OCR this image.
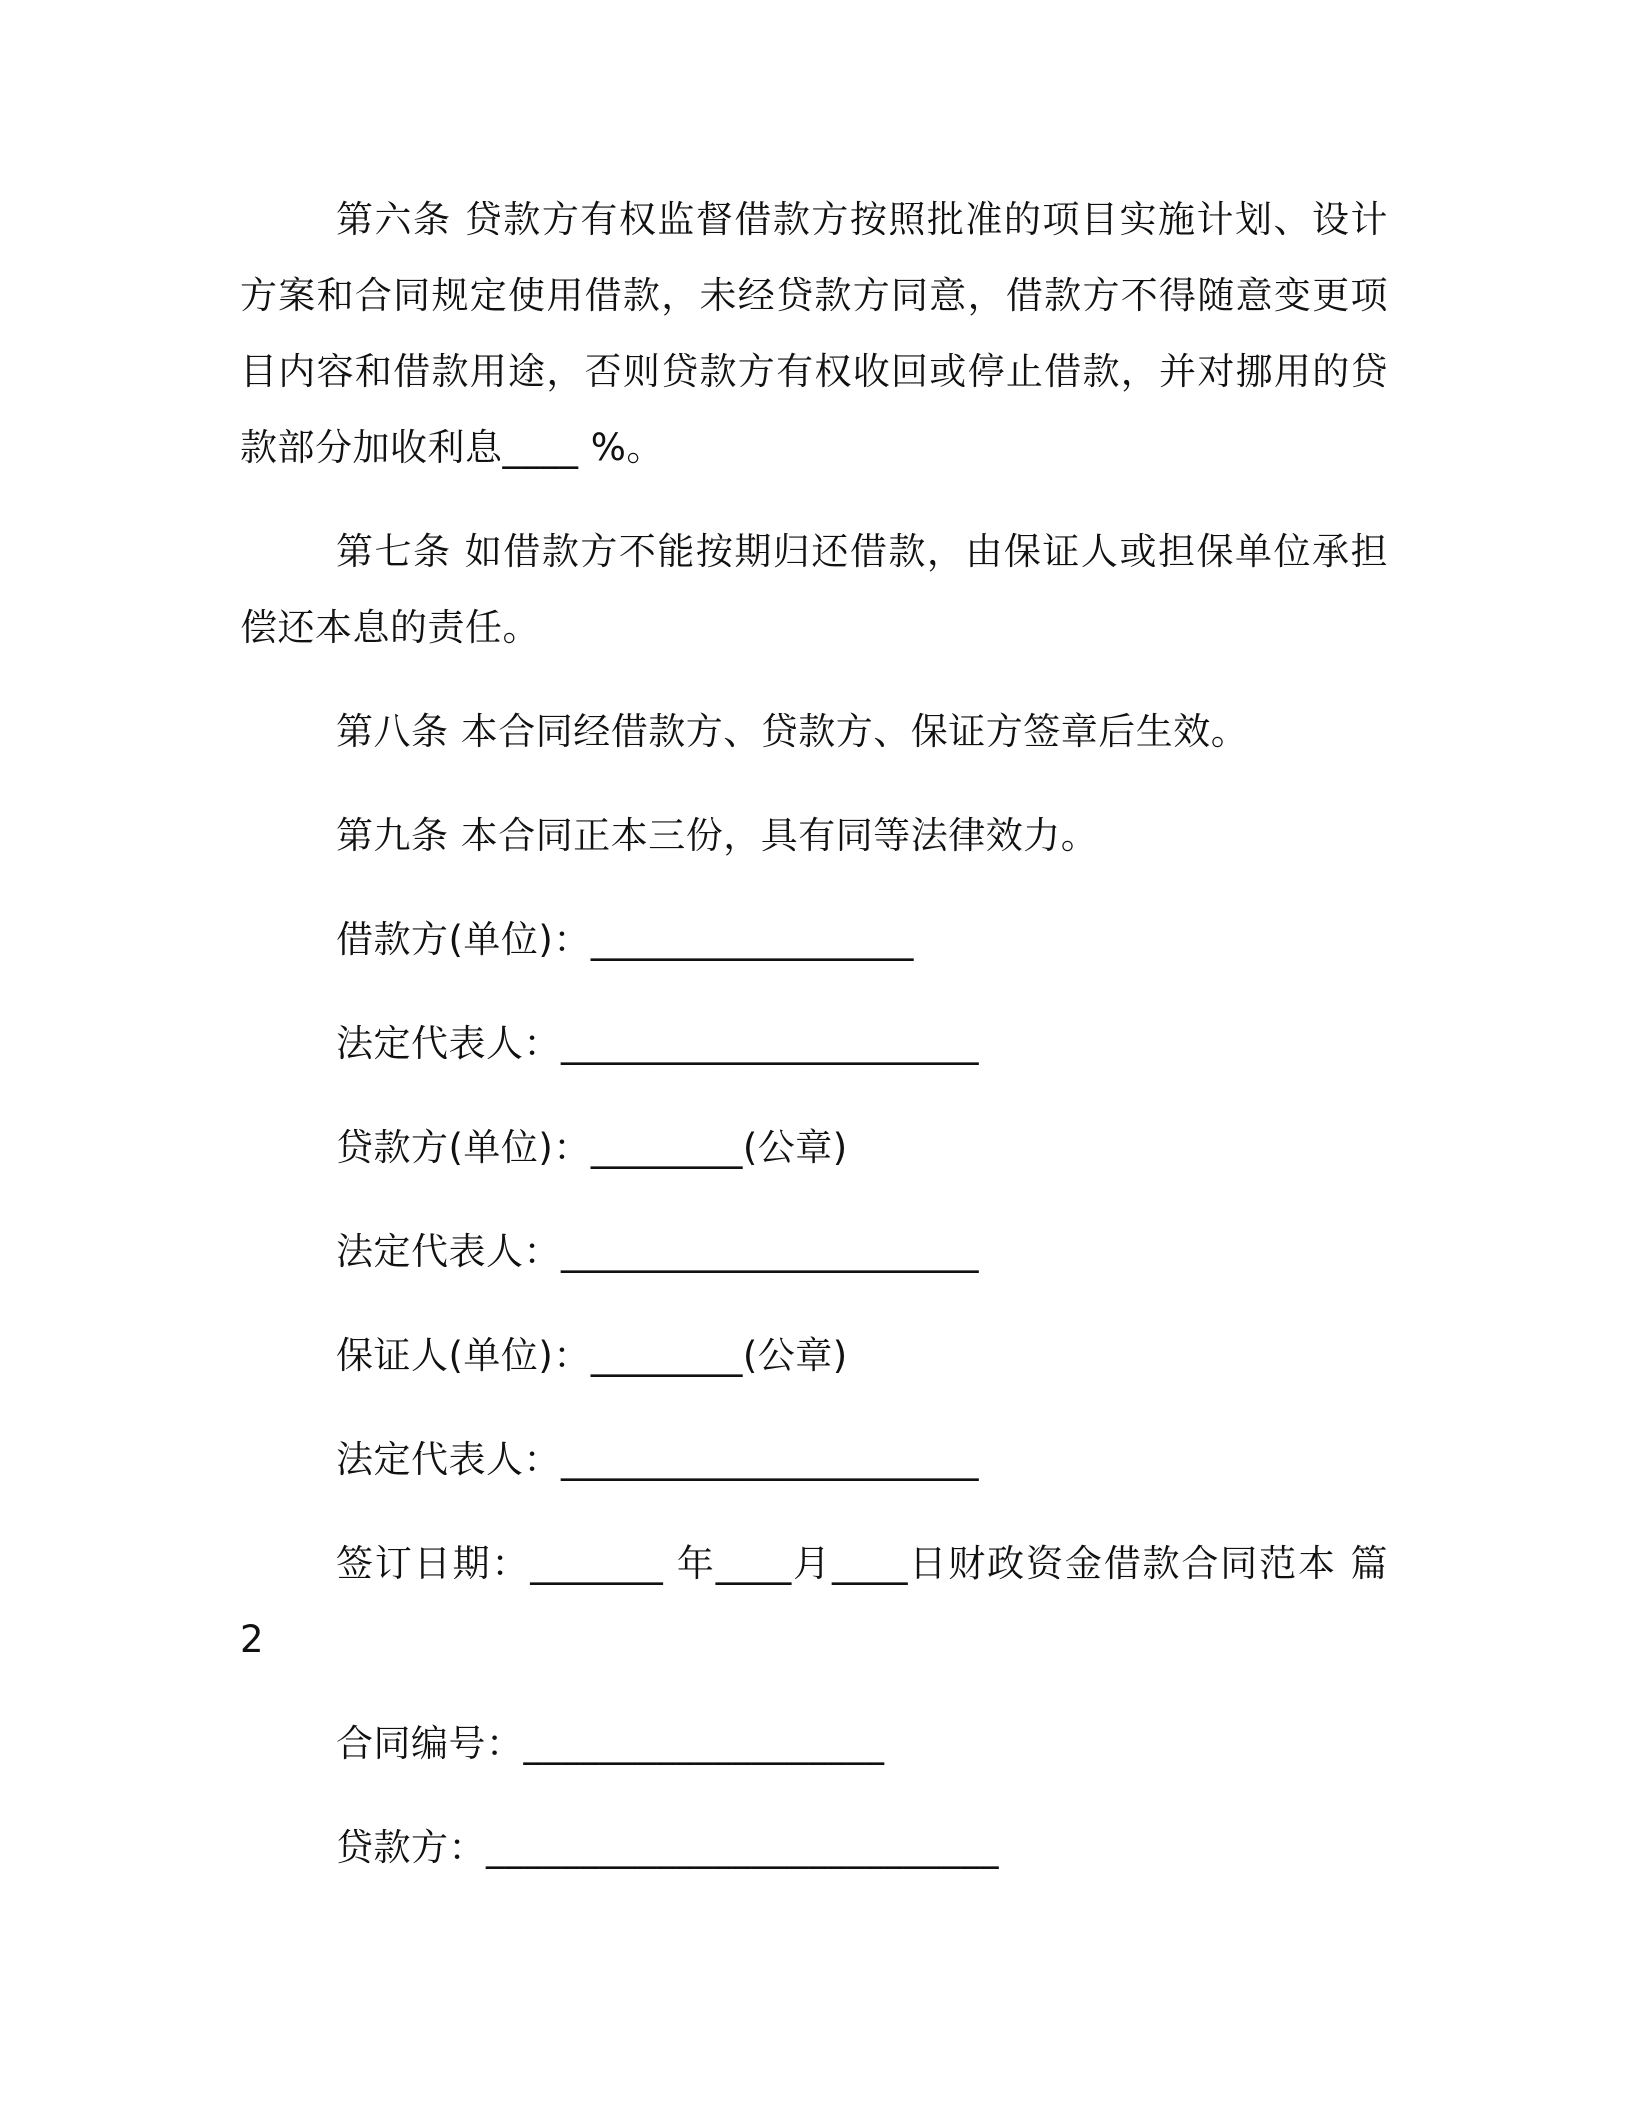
第六条 贷款方有权监督借款方按照批准的项目实施计划、设计方案和合同规定使用借款，未经贷款方同意，借款方不得随意变更项目内容和借款用途，否则贷款方有权收回或停止借款，并对挪用的贷款部分加收利息____ %。

第七条 如借款方不能按期归还借款，由保证人或担保单位承担偿还本息的责任。

第八条 本合同经借款方、贷款方、保证方签章后生效。

第九条 本合同正本三份，具有同等法律效力。

借款方(单位)：_________________

法定代表人：______________________

贷款方(单位)：________(公章)

法定代表人：______________________

保证人(单位)：________(公章)

法定代表人：______________________

签订日期：_______ 年____月____日财政资金借款合同范本 篇 2

合同编号：___________________

贷款方：___________________________
